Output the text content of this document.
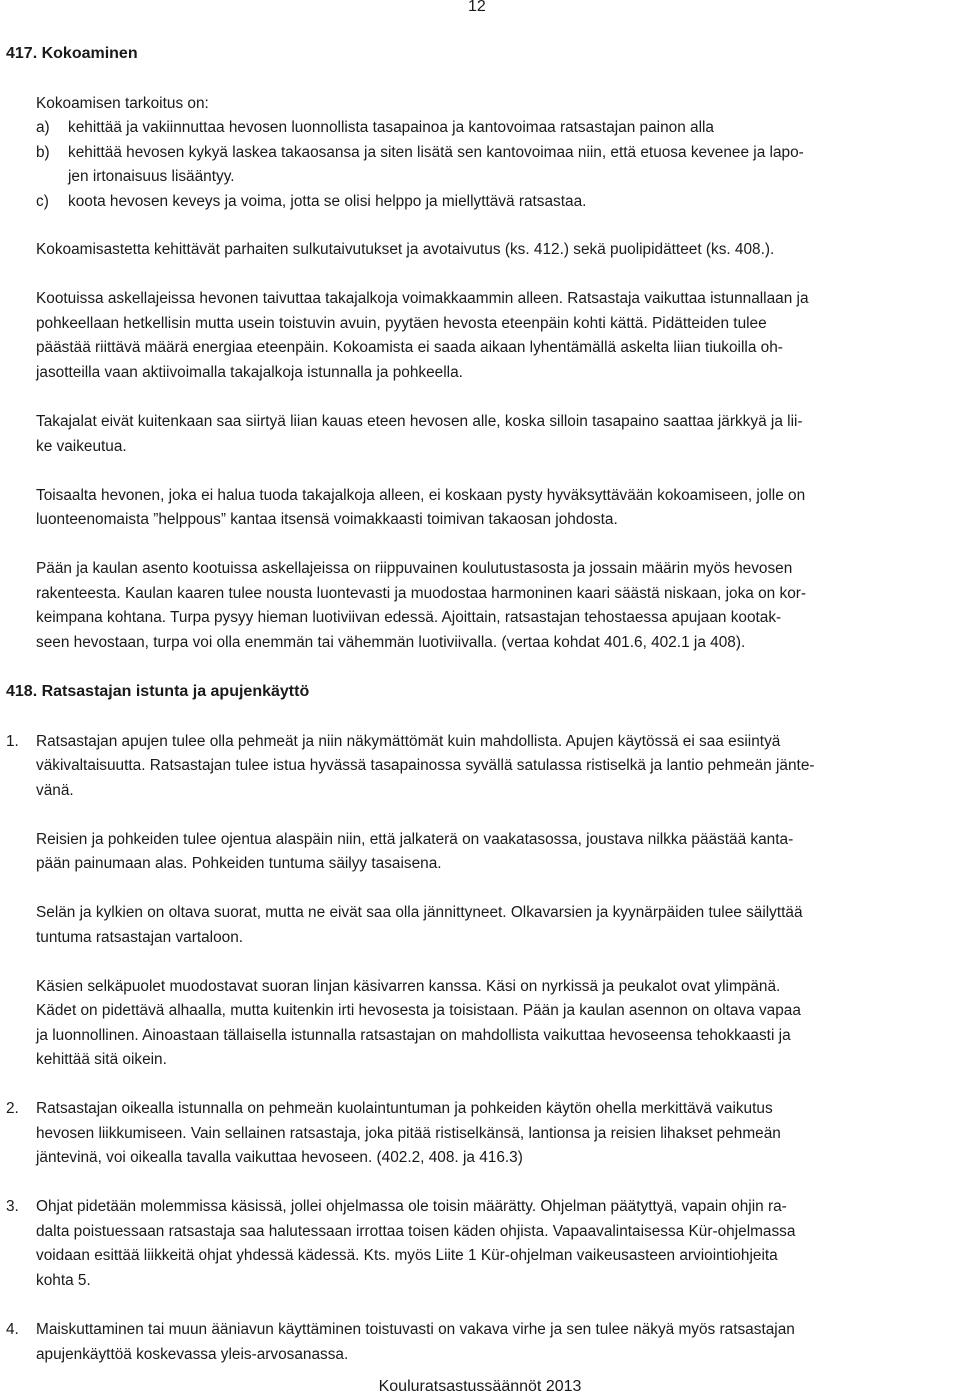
12
417. Kokoaminen
Kokoamisen tarkoitus on:
a) kehittää ja vakiinnuttaa hevosen luonnollista tasapainoa ja kantovoimaa ratsastajan painon alla
b) kehittää hevosen kykyä laskea takaosansa ja siten lisätä sen kantovoimaa niin, että etuosa kevenee ja lapo-
jen irtonaisuus lisääntyy.
c) koota hevosen keveys ja voima, jotta se olisi helppo ja miellyttävä ratsastaa.
Kokoamisastetta kehittävät parhaiten sulkutaivutukset ja avotaivutus (ks. 412.) sekä puolipidätteet (ks. 408.).
Kootuissa askellajeissa hevonen taivuttaa takajalkoja voimakkaammin alleen. Ratsastaja vaikuttaa istunnallaan ja
pohkeellaan hetkellisin mutta usein toistuvin avuin, pyytäen hevosta eteenpäin kohti kättä. Pidätteiden tulee
päästää riittävä määrä energiaa eteenpäin. Kokoamista ei saada aikaan lyhentämällä askelta liian tiukoilla oh-
jasotteilla vaan aktiivoimalla takajalkoja istunnalla ja pohkeella.
Takajalat eivät kuitenkaan saa siirtyä liian kauas eteen hevosen alle, koska silloin tasapaino saattaa järkkyä ja lii-
ke vaikeutua.
Toisaalta hevonen, joka ei halua tuoda takajalkoja alleen, ei koskaan pysty hyväksyttävään kokoamiseen, jolle on
luonteenomaista ”helppous” kantaa itsensä voimakkaasti toimivan takaosan johdosta.
Pään ja kaulan asento kootuissa askellajeissa on riippuvainen koulutustasosta ja jossain määrin myös hevosen
rakenteesta. Kaulan kaaren tulee nousta luontevasti ja muodostaa harmoninen kaari säästä niskaan, joka on kor-
keimpana kohtana. Turpa pysyy hieman luotiviivan edessä. Ajoittain, ratsastajan tehostaessa apujaan kootak-
seen hevostaan, turpa voi olla enemmän tai vähemmän luotiviivalla. (vertaa kohdat 401.6, 402.1 ja 408).
418. Ratsastajan istunta ja apujenkäyttö
1. Ratsastajan apujen tulee olla pehmeät ja niin näkymättömät kuin mahdollista. Apujen käytössä ei saa esiintyä
väkivaltaisuutta. Ratsastajan tulee istua hyvässä tasapainossa syvällä satulassa ristiselkä ja lantio pehmeän jänte-
vänä.
Reisien ja pohkeiden tulee ojentua alaspäin niin, että jalkaterä on vaakatasossa, joustava nilkka päästää kanta-
pään painumaan alas. Pohkeiden tuntuma säilyy tasaisena.
Selän ja kylkien on oltava suorat, mutta ne eivät saa olla jännittyneet. Olkavarsien ja kyynärpäiden tulee säilyttää
tuntuma ratsastajan vartaloon.
Käsien selkäpuolet muodostavat suoran linjan käsivarren kanssa. Käsi on nyrkissä ja peukalot ovat ylimpänä.
Kädet on pidettävä alhaalla, mutta kuitenkin irti hevosesta ja toisistaan. Pään ja kaulan asennon on oltava vapaa
ja luonnollinen. Ainoastaan tällaisella istunnalla ratsastajan on mahdollista vaikuttaa hevoseensa tehokkaasti ja
kehittää sitä oikein.
2. Ratsastajan oikealla istunnalla on pehmeän kuolaintuntuman ja pohkeiden käytön ohella merkittävä vaikutus
hevosen liikkumiseen. Vain sellainen ratsastaja, joka pitää ristiselkänsä, lantionsa ja reisien lihakset pehmeän
jäntevinä, voi oikealla tavalla vaikuttaa hevoseen. (402.2, 408. ja 416.3)
3. Ohjat pidetään molemmissa käsissä, jollei ohjelmassa ole toisin määrätty. Ohjelman päätyttyä, vapain ohjin ra-
dalta poistuessaan ratsastaja saa halutessaan irrottaa toisen käden ohjista. Vapaavalintaisessa Kür-ohjelmassa
voidaan esittää liikkeitä ohjat yhdessä kädessä. Kts. myös Liite 1 Kür-ohjelman vaikeusasteen arviointiohjeita
kohta 5.
4. Maiskuttaminen tai muun ääniavun käyttäminen toistuvasti on vakava virhe ja sen tulee näkyä myös ratsastajan
apujenkäyttöä koskevassa yleis-arvosanassa.
Kouluratsastussäännöt 2013
